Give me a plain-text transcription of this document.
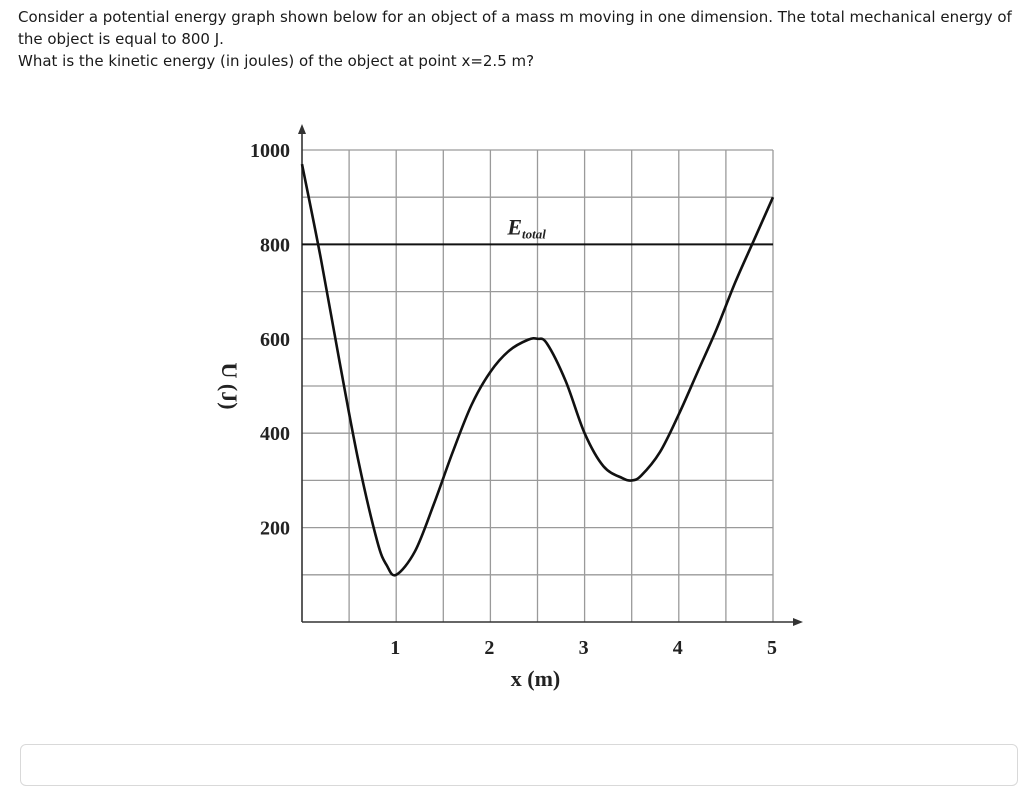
Consider a potential energy graph shown below for an object of a mass m moving in one dimension. The total mechanical energy of the object is equal to 800 J.

What is the kinetic energy (in joules) of the object at point x=2.5 m?

1	2	3	4	5
200
400
600
800
1000
x (m)
U (J)
Etotal
